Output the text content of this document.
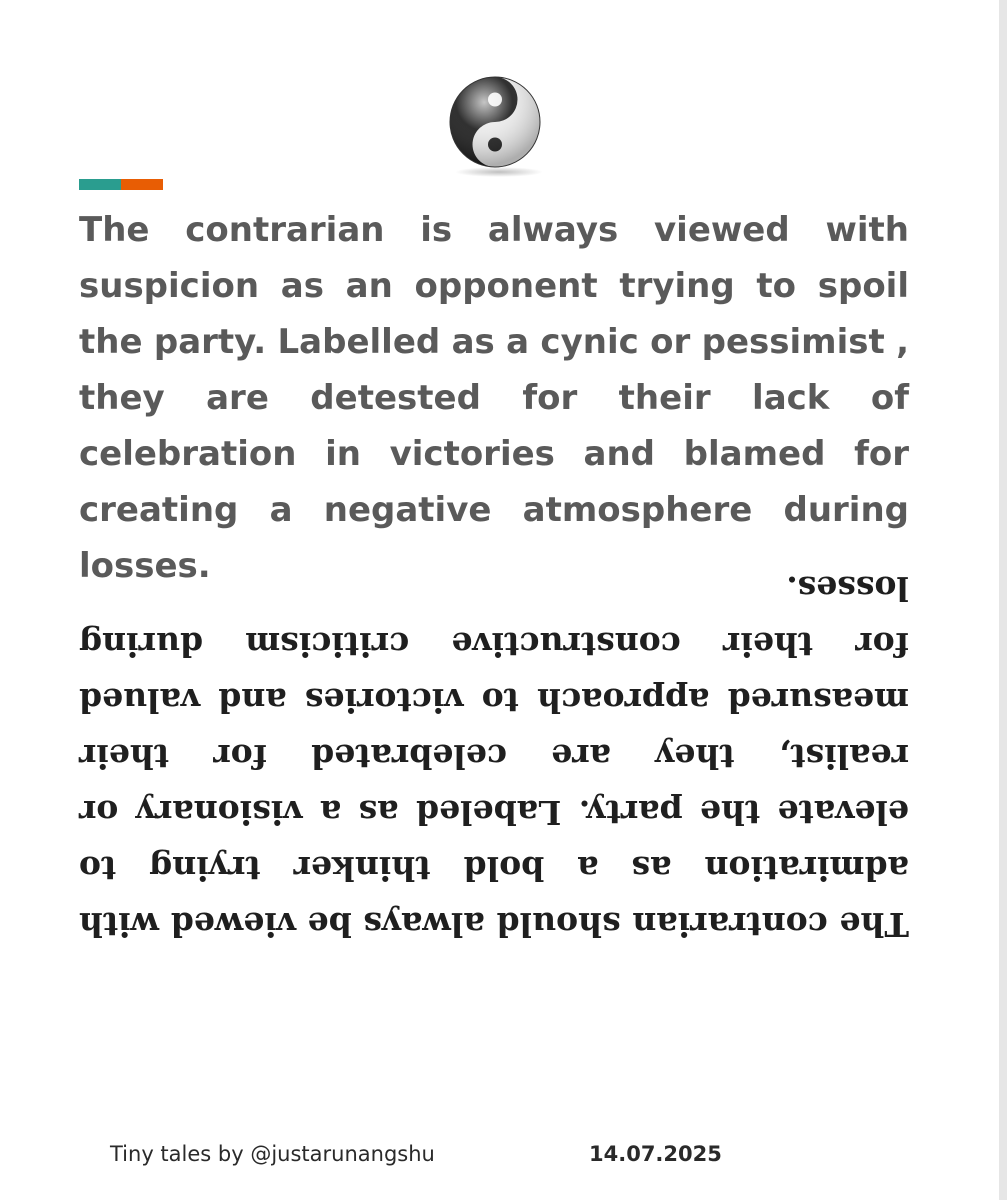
The contrarian is always viewed with suspicion as an opponent trying to spoil the party. Labelled as a cynic or pessimist , they are detested for their lack of celebration in victories and blamed for creating a negative atmosphere during losses.

The contrarian should always be viewed with admiration as a bold thinker trying to elevate the party. Labeled as a visionary or realist, they are celebrated for their measured approach to victories and valued for their constructive criticism during losses.

Tiny tales by @justarunangshu	14.07.2025
